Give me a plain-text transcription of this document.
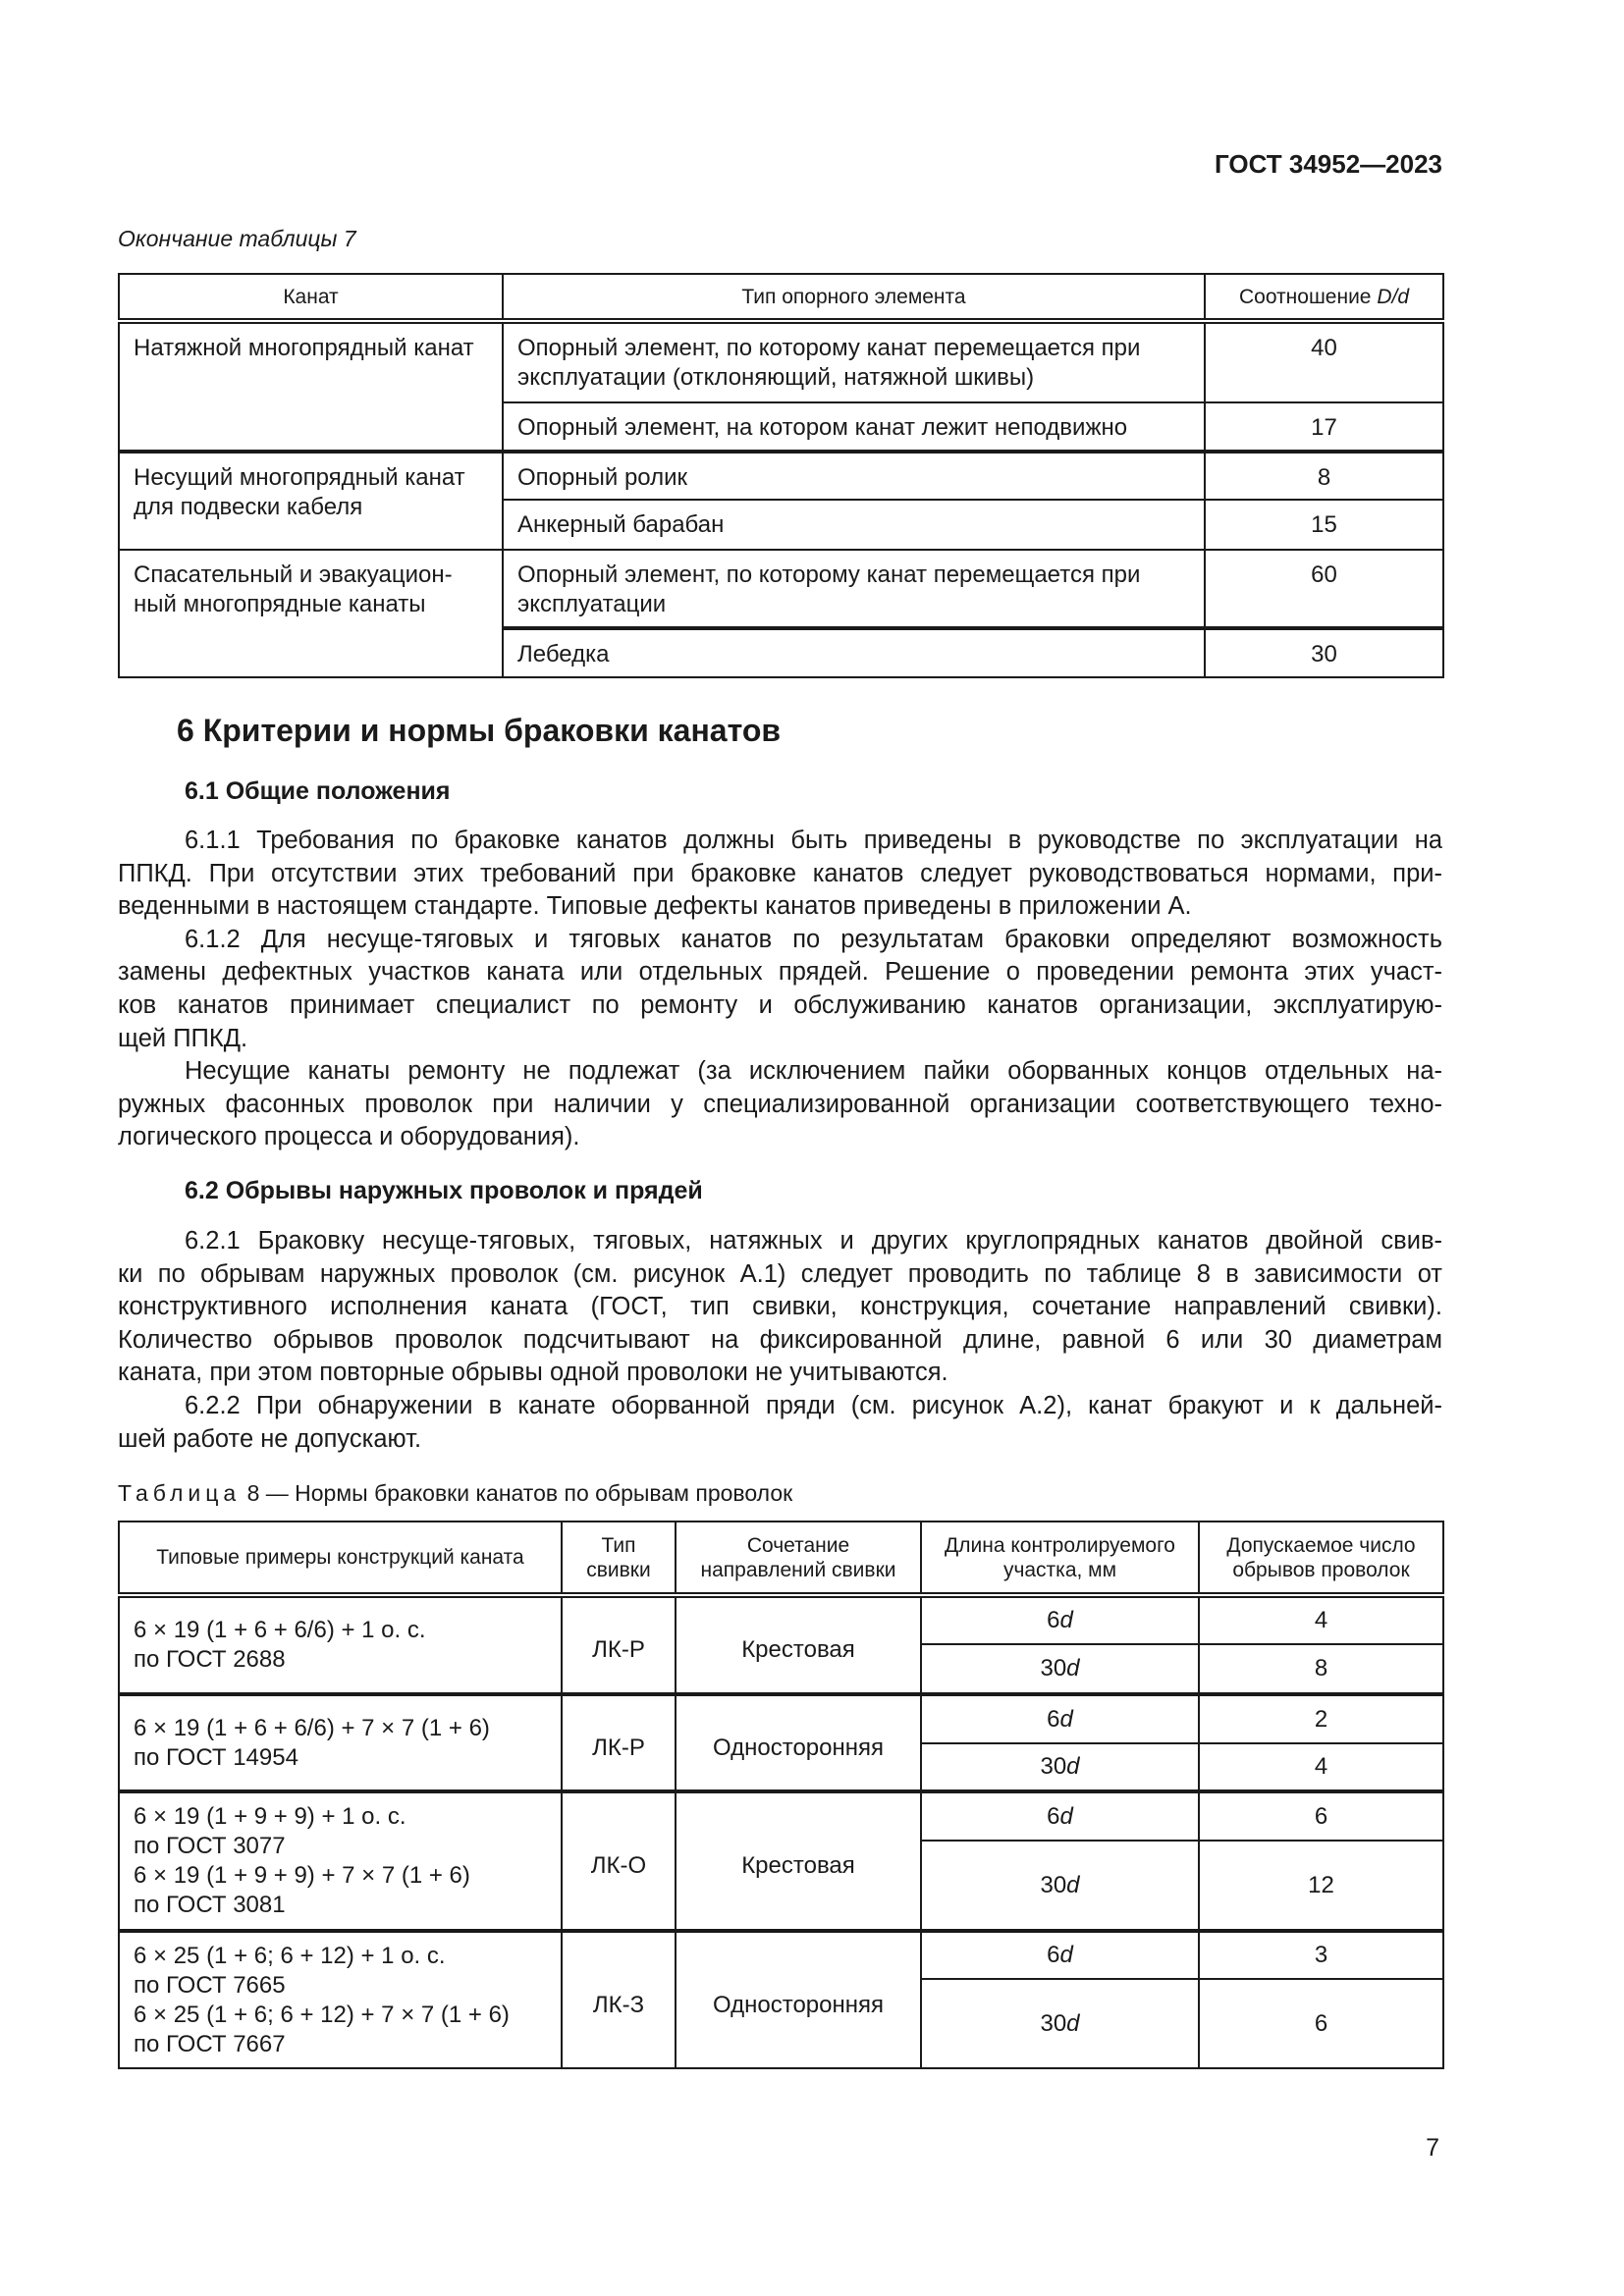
ГОСТ 34952—2023
Окончание таблицы 7
Канат	Тип опорного элемента	Соотношение D/d
Натяжной многопрядный канат	Опорный элемент, по которому канат перемещается при эксплуатации (отклоняющий, натяжной шкивы)	40
	Опорный элемент, на котором канат лежит неподвижно	17
Несущий многопрядный канат для подвески кабеля	Опорный ролик	8
	Анкерный барабан	15
Спасательный и эвакуацион-ный многопрядные канаты	Опорный элемент, по которому канат перемещается при эксплуатации	60
	Лебедка	30
6 Критерии и нормы браковки канатов
6.1 Общие положения
6.1.1 Требования по браковке канатов должны быть приведены в руководстве по эксплуатации на
ППКД. При отсутствии этих требований при браковке канатов следует руководствоваться нормами, при-
веденными в настоящем стандарте. Типовые дефекты канатов приведены в приложении А.
6.1.2 Для несуще-тяговых и тяговых канатов по результатам браковки определяют возможность
замены дефектных участков каната или отдельных прядей. Решение о проведении ремонта этих участ-
ков канатов принимает специалист по ремонту и обслуживанию канатов организации, эксплуатирую-
щей ППКД.
Несущие канаты ремонту не подлежат (за исключением пайки оборванных концов отдельных на-
ружных фасонных проволок при наличии у специализированной организации соответствующего техно-
логического процесса и оборудования).
6.2 Обрывы наружных проволок и прядей
6.2.1 Браковку несуще-тяговых, тяговых, натяжных и других круглопрядных канатов двойной свив-
ки по обрывам наружных проволок (см. рисунок А.1) следует проводить по таблице 8 в зависимости от
конструктивного исполнения каната (ГОСТ, тип свивки, конструкция, сочетание направлений свивки).
Количество обрывов проволок подсчитывают на фиксированной длине, равной 6 или 30 диаметрам
каната, при этом повторные обрывы одной проволоки не учитываются.
6.2.2 При обнаружении в канате оборванной пряди (см. рисунок А.2), канат бракуют и к дальней-
шей работе не допускают.
Таблица 8 — Нормы браковки канатов по обрывам проволок
Типовые примеры конструкций каната	Тип свивки	Сочетание направлений свивки	Длина контролируемого участка, мм	Допускаемое число обрывов проволок

6 × 19 (1 + 6 + 6/6) + 1 о. с.
по ГОСТ 2688	ЛК-Р	Крестовая	6d	4
			30d	8

6 × 19 (1 + 6 + 6/6) + 7 × 7 (1 + 6)
по ГОСТ 14954	ЛК-Р	Односторонняя	6d	2
			30d	4

6 × 19 (1 + 9 + 9) + 1 о. с.
по ГОСТ 3077
6 × 19 (1 + 9 + 9) + 7 × 7 (1 + 6)
по ГОСТ 3081	ЛК-О	Крестовая	6d	6
			30d	12

6 × 25 (1 + 6; 6 + 12) + 1 о. с.
по ГОСТ 7665
6 × 25 (1 + 6; 6 + 12) + 7 × 7 (1 + 6)
по ГОСТ 7667	ЛК-З	Односторонняя	6d	3
			30d	6
7
